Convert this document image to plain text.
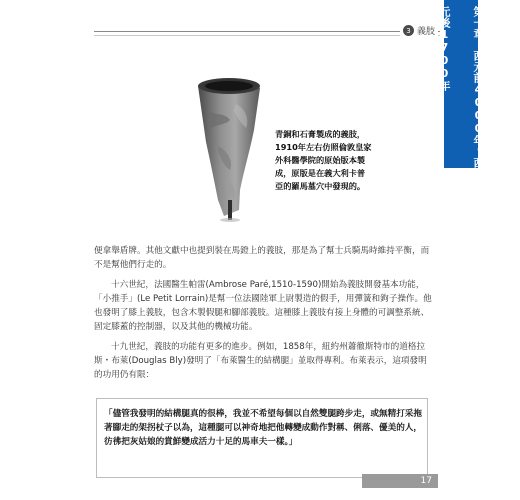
3 義肢	第一章：西元前4000年～西元後1700年
青銅和石膏製成的義肢，1910年左右仿照倫敦皇家外科醫學院的原始版本製成，原版是在義大利卡普亞的羅馬墓穴中發現的。

便拿舉盾牌。其他文獻中也提到裝在馬鐙上的義肢，那是為了幫士兵騎馬時維持平衡，而不是幫他們行走的。

十六世紀，法國醫生帕雷(Ambrose Paré,1510-1590)開始為義肢開發基本功能，「小推手」(Le Petit Lorrain)是幫一位法國陸軍上尉製造的假手，用彈簧和鉤子操作。他也發明了膝上義肢，包含木製假腿和腳部義肢。這種膝上義肢有接上身體的可調整系統、固定膝蓋的控制器，以及其他的機械功能。

十九世紀，義肢的功能有更多的進步。例如，1858年，紐約州蕭徹斯特市的道格拉斯・布萊(Douglas Bly)發明了「布萊醫生的結構腿」並取得專利。布萊表示，這項發明的功用仍有限：

「儘管我發明的結構腿真的很棒，我並不希望每個以自然雙腿跨步走，或無精打采拖著腳走的架拐杖子以為，這種腿可以神奇地把他轉變成動作對稱、俐落、優美的人，彷彿把灰姑娘的賞鮮變成活力十足的馬車夫一樣。」
17
